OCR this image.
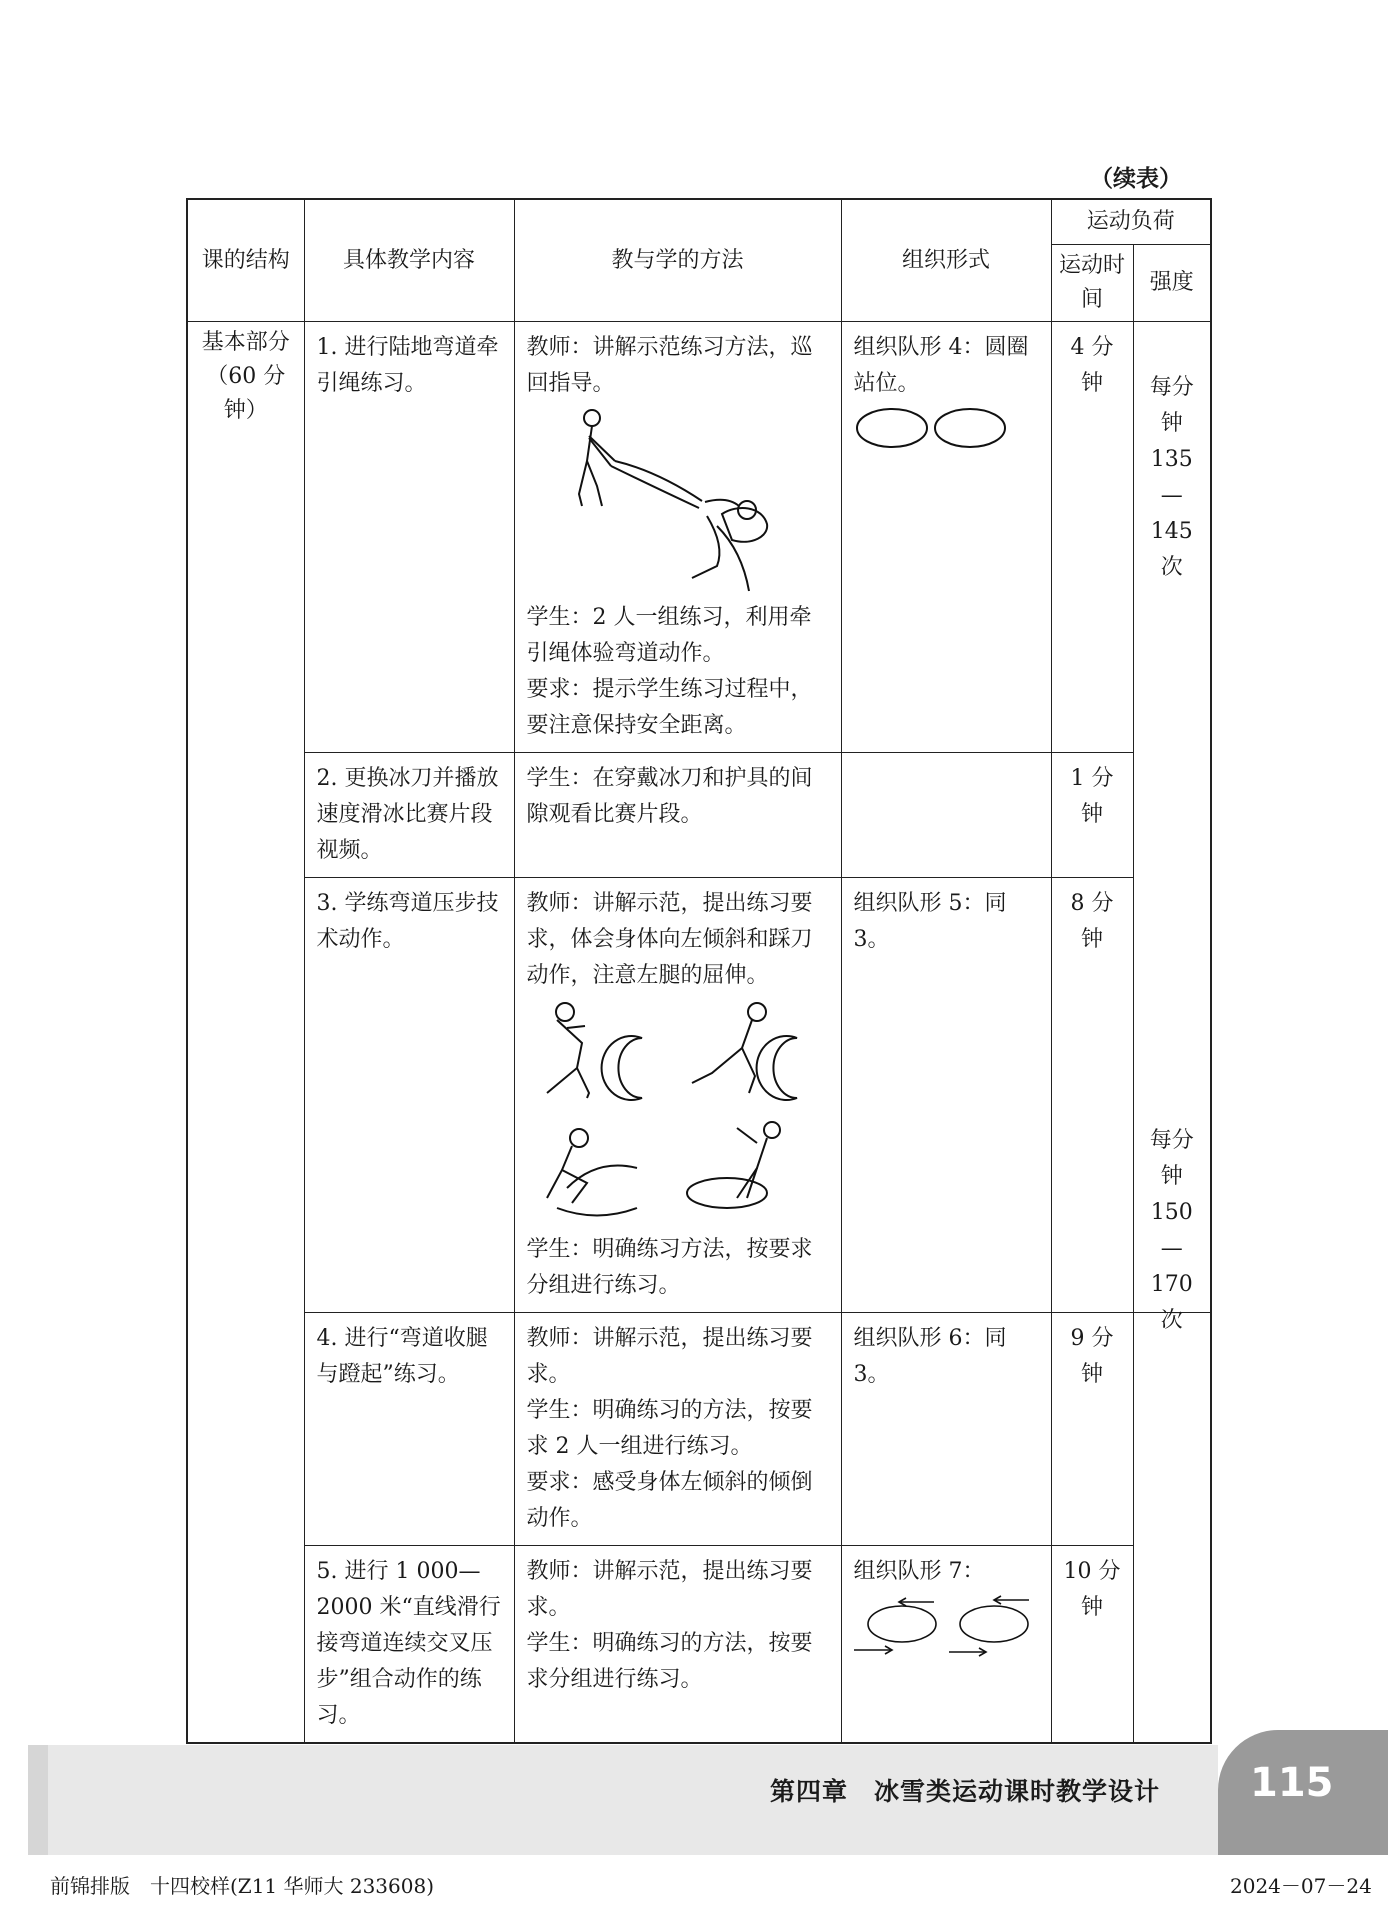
（续表）
课的结构	具体教学内容	教与学的方法	组织形式	运动负荷	
				运动时间	强度

基本部分
（60 分钟）	1. 进行陆地弯道牵引绳练习。	教师：讲解示范练习方法，巡回指导。
学生：2 人一组练习，利用牵引绳体验弯道动作。
要求：提示学生练习过程中，要注意保持安全距离。	组织队形 4：圆圈站位。	4 分钟	每分钟 135—145 次
	2. 更换冰刀并播放速度滑冰比赛片段视频。	学生：在穿戴冰刀和护具的间隙观看比赛片段。		1 分钟	
	3. 学练弯道压步技术动作。	教师：讲解示范，提出练习要求，体会身体向左倾斜和踩刀动作，注意左腿的屈伸。
学生：明确练习方法，按要求分组进行练习。	组织队形 5：同 3。	8 分钟	
	4. 进行“弯道收腿与蹬起”练习。	教师：讲解示范，提出练习要求。
学生：明确练习的方法，按要求 2 人一组进行练习。
要求：感受身体左倾斜的倾倒动作。	组织队形 6：同 3。	9 分钟	每分钟 150—170 次

	5. 进行 1 000—2000 米“直线滑行接弯道连续交叉压步”组合动作的练习。	教师：讲解示范，提出练习要求。
学生：明确练习的方法，按要求分组进行练习。	组织队形 7：	10 分钟	
第四章　冰雪类运动课时教学设计 115
前锦排版　十四校样(Z11 华师大 233608)	2024－07－24
